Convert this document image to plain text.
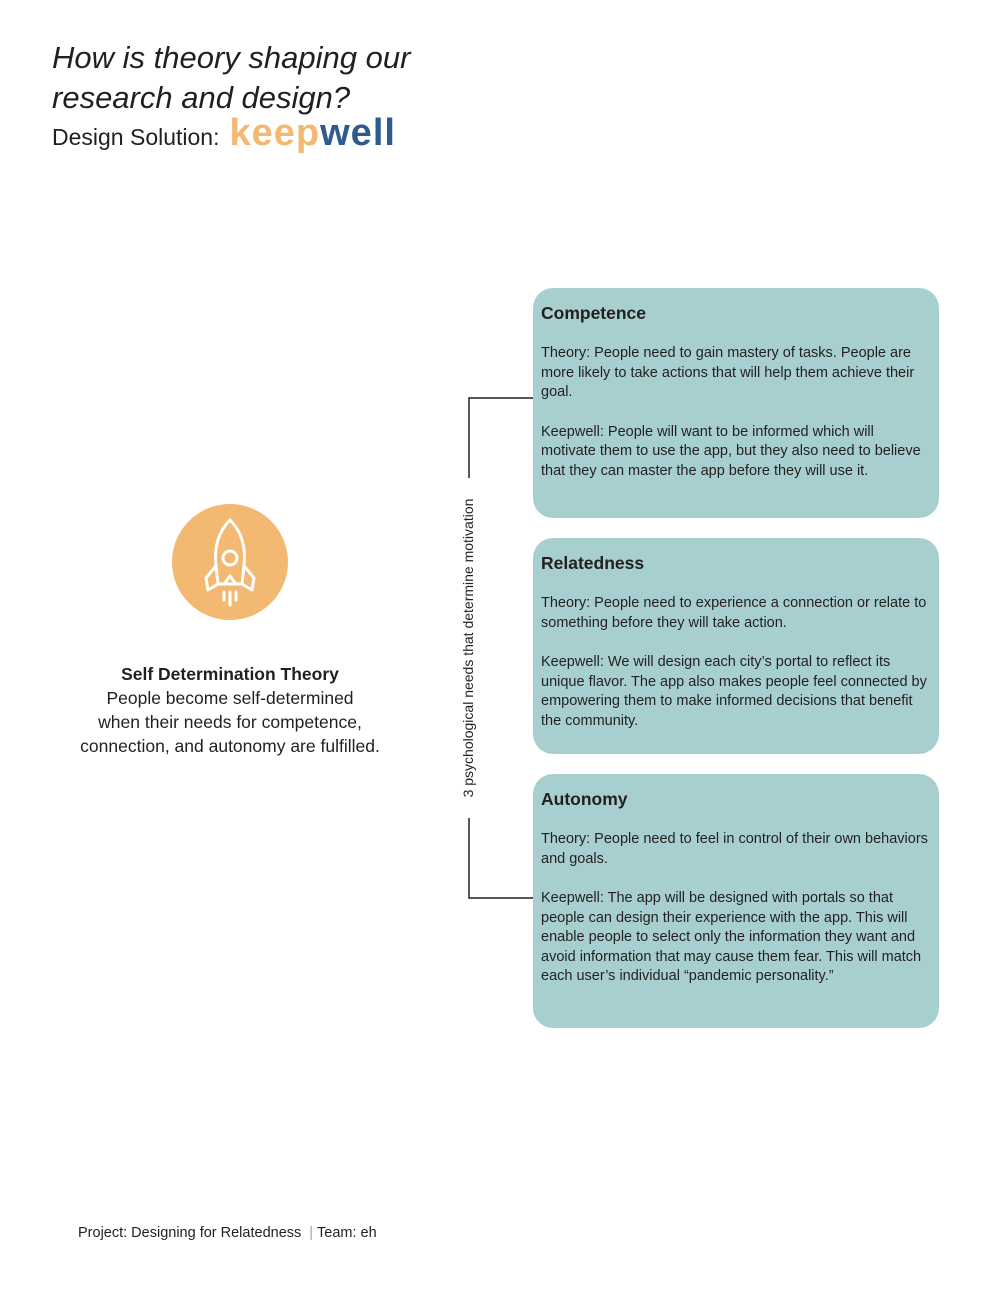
How is theory shaping our
research and design?
Design Solution: keep well
Self Determination Theory
People become self-determined
when their needs for competence,
connection, and autonomy are fulfilled.	3 psychological needs that determine motivation
Competence

Theory: People need to gain mastery of tasks. People are more likely to take actions that will help them achieve their goal.

Keepwell: People will want to be informed which will motivate them to use the app, but they also need to believe that they can master the app before they will use it.

Relatedness

Theory: People need to experience a connection or relate to something before they will take action.

Keepwell: We will design each city’s portal to reflect its unique flavor. The app also makes people feel connected by empowering them to make informed decisions that benefit the community.

Autonomy

Theory: People need to feel in control of their own behaviors and goals.

Keepwell: The app will be designed with portals so that people can design their experience with the app. This will enable people to select only the information they want and avoid information that may cause them fear. This will match each user’s individual “pandemic personality.”

Project: Designing for Relatedness | Team: eh
